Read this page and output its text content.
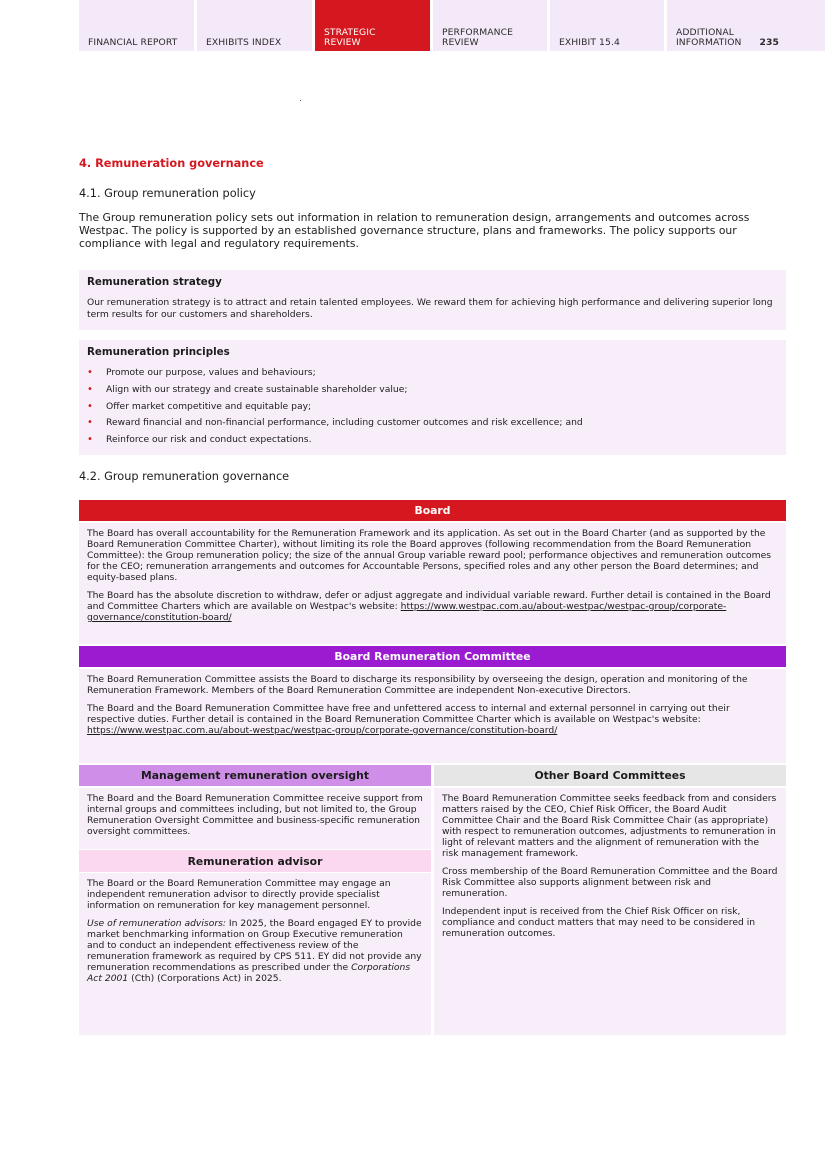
FINANCIAL REPORT	EXHIBITS INDEX
STRATEGIC
REVIEW
PERFORMANCE
REVIEW	EXHIBIT 15.4
ADDITIONAL
INFORMATION 235
4. Remuneration governance
4.1. Group remuneration policy
The Group remuneration policy sets out information in relation to remuneration design, arrangements and outcomes across Westpac. The policy is supported by an established governance structure, plans and frameworks. The policy supports our compliance with legal and regulatory requirements.
Remuneration strategy

Our remuneration strategy is to attract and retain talented employees. We reward them for achieving high performance and delivering superior long term results for our customers and shareholders.

Remuneration principles
• Promote our purpose, values and behaviours;
• Align with our strategy and create sustainable shareholder value;
• Offer market competitive and equitable pay;
• Reward financial and non-financial performance, including customer outcomes and risk excellence; and
• Reinforce our risk and conduct expectations.
4.2. Group remuneration governance
Board

The Board has overall accountability for the Remuneration Framework and its application. As set out in the Board Charter (and as supported by the Board Remuneration Committee Charter), without limiting its role the Board approves (following recommendation from the Board Remuneration Committee): the Group remuneration policy; the size of the annual Group variable reward pool; performance objectives and remuneration outcomes for the CEO; remuneration arrangements and outcomes for Accountable Persons, specified roles and any other person the Board determines; and equity-based plans.

The Board has the absolute discretion to withdraw, defer or adjust aggregate and individual variable reward. Further detail is contained in the Board and Committee Charters which are available on Westpac's website: https://www.westpac.com.au/about-westpac/westpac-group/corporate-governance/constitution-board/

Board Remuneration Committee

The Board Remuneration Committee assists the Board to discharge its responsibility by overseeing the design, operation and monitoring of the Remuneration Framework. Members of the Board Remuneration Committee are independent Non-executive Directors.

The Board and the Board Remuneration Committee have free and unfettered access to internal and external personnel in carrying out their respective duties. Further detail is contained in the Board Remuneration Committee Charter which is available on Westpac's website: https://www.westpac.com.au/about-westpac/westpac-group/corporate-governance/constitution-board/

Management remuneration oversight

The Board and the Board Remuneration Committee receive support from internal groups and committees including, but not limited to, the Group Remuneration Oversight Committee and business-specific remuneration oversight committees.

Remuneration advisor

The Board or the Board Remuneration Committee may engage an independent remuneration advisor to directly provide specialist information on remuneration for key management personnel.

Use of remuneration advisors: In 2025, the Board engaged EY to provide market benchmarking information on Group Executive remuneration and to conduct an independent effectiveness review of the remuneration framework as required by CPS 511. EY did not provide any remuneration recommendations as prescribed under the Corporations Act 2001 (Cth) (Corporations Act) in 2025.

Other Board Committees

The Board Remuneration Committee seeks feedback from and considers matters raised by the CEO, Chief Risk Officer, the Board Audit Committee Chair and the Board Risk Committee Chair (as appropriate) with respect to remuneration outcomes, adjustments to remuneration in light of relevant matters and the alignment of remuneration with the risk management framework.

Cross membership of the Board Remuneration Committee and the Board Risk Committee also supports alignment between risk and remuneration.

Independent input is received from the Chief Risk Officer on risk, compliance and conduct matters that may need to be considered in remuneration outcomes.
